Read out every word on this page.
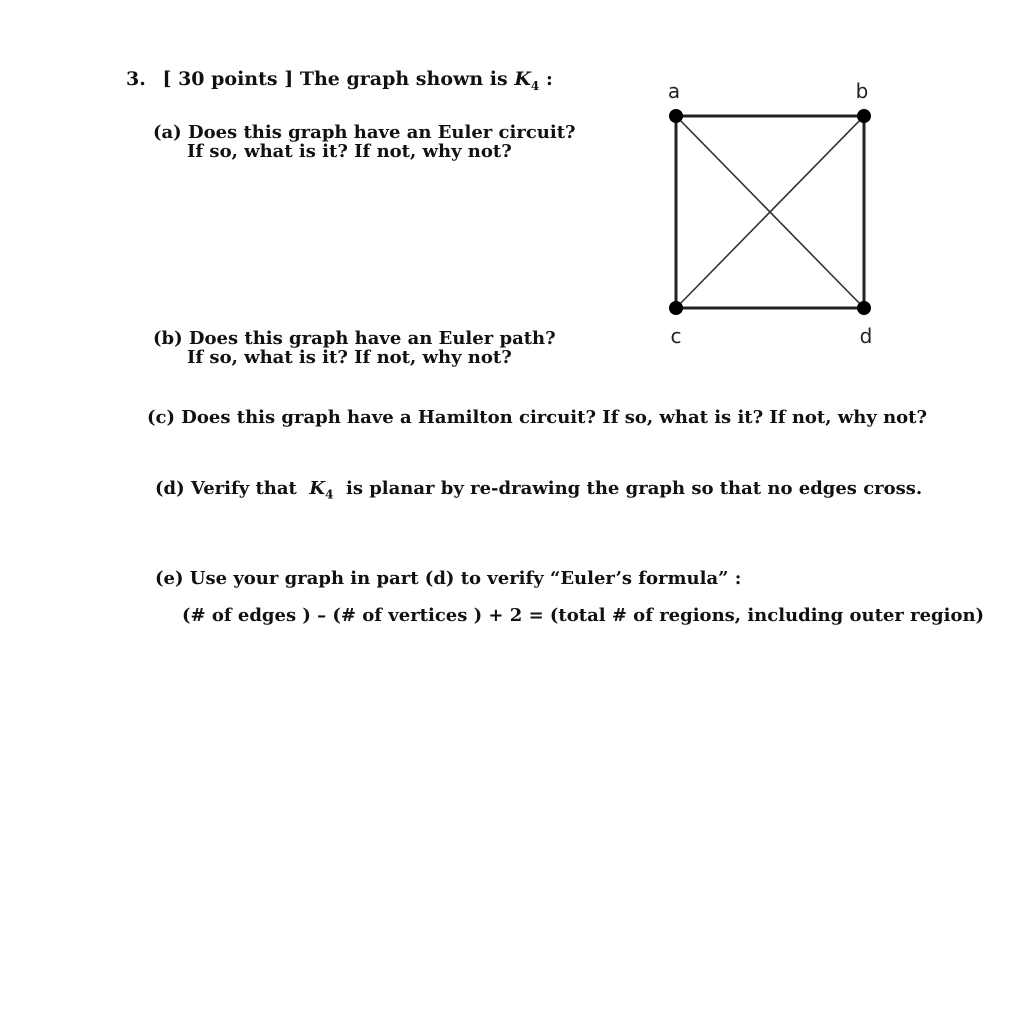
3. [ 30 points ] The graph shown is $K_4$ :
(a) Does this graph have an Euler circuit?
If so, what is it? If not, why not?
(b) Does this graph have an Euler path?
If so, what is it? If not, why not?
(c) Does this graph have a Hamilton circuit? If so, what is it? If not, why not?
(d) Verify that $K_4$ is planar by re-drawing the graph so that no edges cross.
(e) Use your graph in part (d) to verify “Euler’s formula” :
(# of edges ) – (# of vertices ) + 2 = (total # of regions, including outer region)
a	b
c	d
